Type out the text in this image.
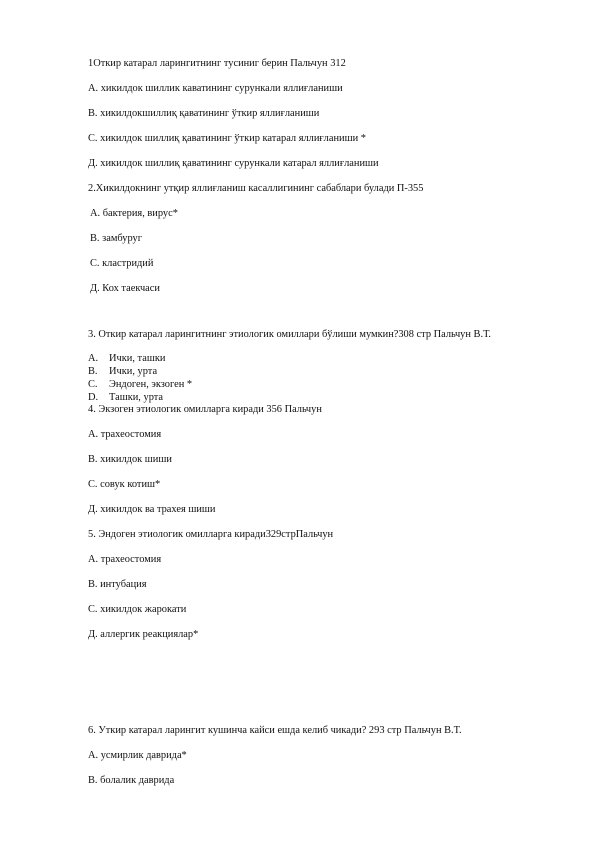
1Откир катарал ларингитнинг тусиниг берин Пальчун 312
А. хикилдок шиллик каватининг сурункали яллиғланиши
В. хикилдокшиллиқ қаватининг ўткир яллиғланиши
С. хикилдок шиллиқ қаватининг ўткир катарал яллиғланиши *
Д. хикилдок шиллиқ қаватининг сурункали катарал яллиғланиши
2.Хикилдокнинг утқир яллиғланиш касаллигининг сабаблари булади П-355
А. бактерия, вирус*
В. замбуруг
С. кластридий
Д. Кох таекчаси
3. Откир катарал ларингитнинг этиологик омиллари бўлиши мумкин?308 стр Пальчун В.Т.
A. Ички, ташки
B. Ички, урта
C. Эндоген, экзоген *
D. Ташки, урта
4. Экзоген этиологик омилларга киради 356 Пальчун
А. трахеостомия
В. хикилдок шиши
С. совук котиш*
Д. хикилдок ва трахея шиши
5. Эндоген этиологик омилларга киради329стрПальчун
А. трахеостомия
В. интубация
С. хикилдок жарокати
Д. аллергик реакциялар*
6. Уткир катарал ларингит кушинча кайси ешда келиб чикади? 293 стр Пальчун В.Т.
А. усмирлик даврида*
В. болалик даврида
